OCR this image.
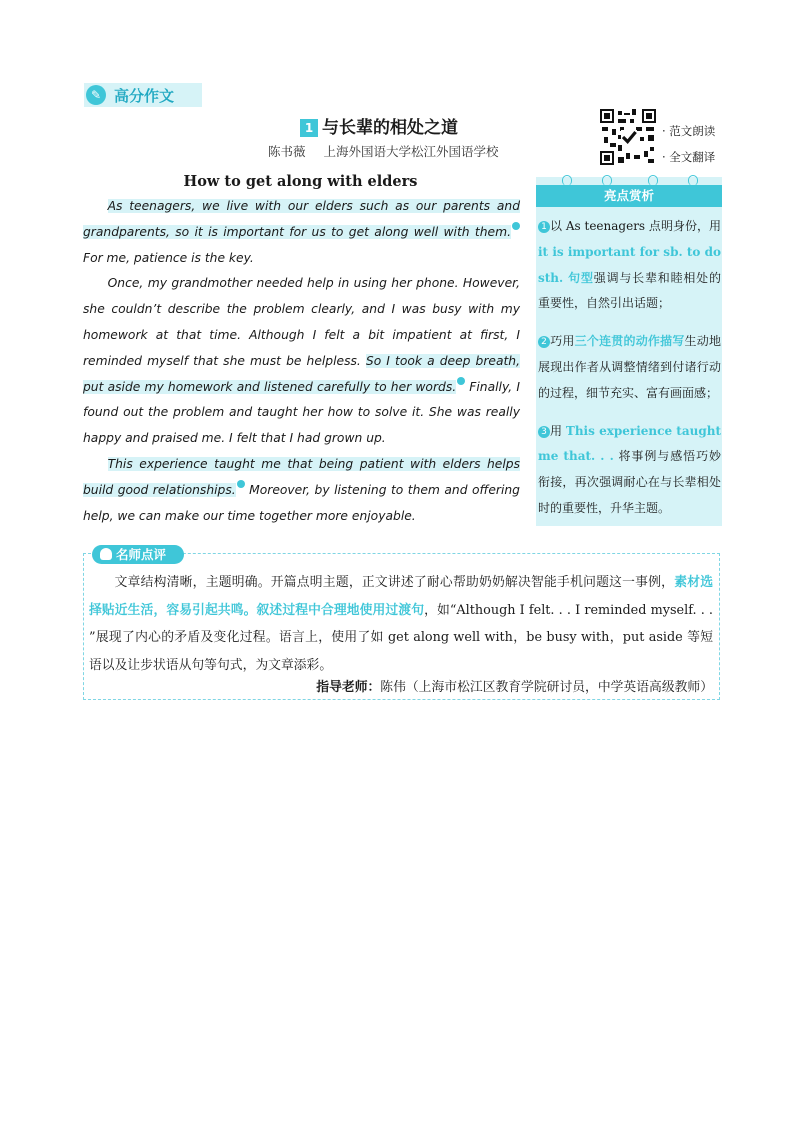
✎ 高分作文
1 与长辈的相处之道
陈书薇 上海外国语大学松江外国语学校
· 范文朗读
· 全文翻译
How to get along with elders

As teenagers, we live with our elders such as our parents and grandparents, so it is important for us to get along well with them. For me, patience is the key.

Once, my grandmother needed help in using her phone. However, she couldn’t describe the problem clearly, and I was busy with my homework at that time. Although I felt a bit impatient at first, I reminded myself that she must be helpless. So I took a deep breath, put aside my homework and listened carefully to her words. Finally, I found out the problem and taught her how to solve it. She was really happy and praised me. I felt that I had grown up.

This experience taught me that being patient with elders helps build good relationships. Moreover, by listening to them and offering help, we can make our time together more enjoyable.

亮点赏析

1 以 As teenagers 点明身份，用 it is important for sb. to do sth. 句型强调与长辈和睦相处的重要性，自然引出话题；

2 巧用三个连贯的动作描写生动地展现出作者从调整情绪到付诸行动的过程，细节充实、富有画面感；

3 用 This experience taught me that. . . 将事例与感悟巧妙衔接，再次强调耐心在与长辈相处时的重要性，升华主题。

名师点评

文章结构清晰，主题明确。开篇点明主题，正文讲述了耐心帮助奶奶解决智能手机问题这一事例，素材选择贴近生活，容易引起共鸣。叙述过程中合理地使用过渡句，如“Although I felt. . . I reminded myself. . . ”展现了内心的矛盾及变化过程。语言上，使用了如 get along well with，be busy with，put aside 等短语以及让步状语从句等句式，为文章添彩。

指导老师：陈伟（上海市松江区教育学院研讨员，中学英语高级教师）
